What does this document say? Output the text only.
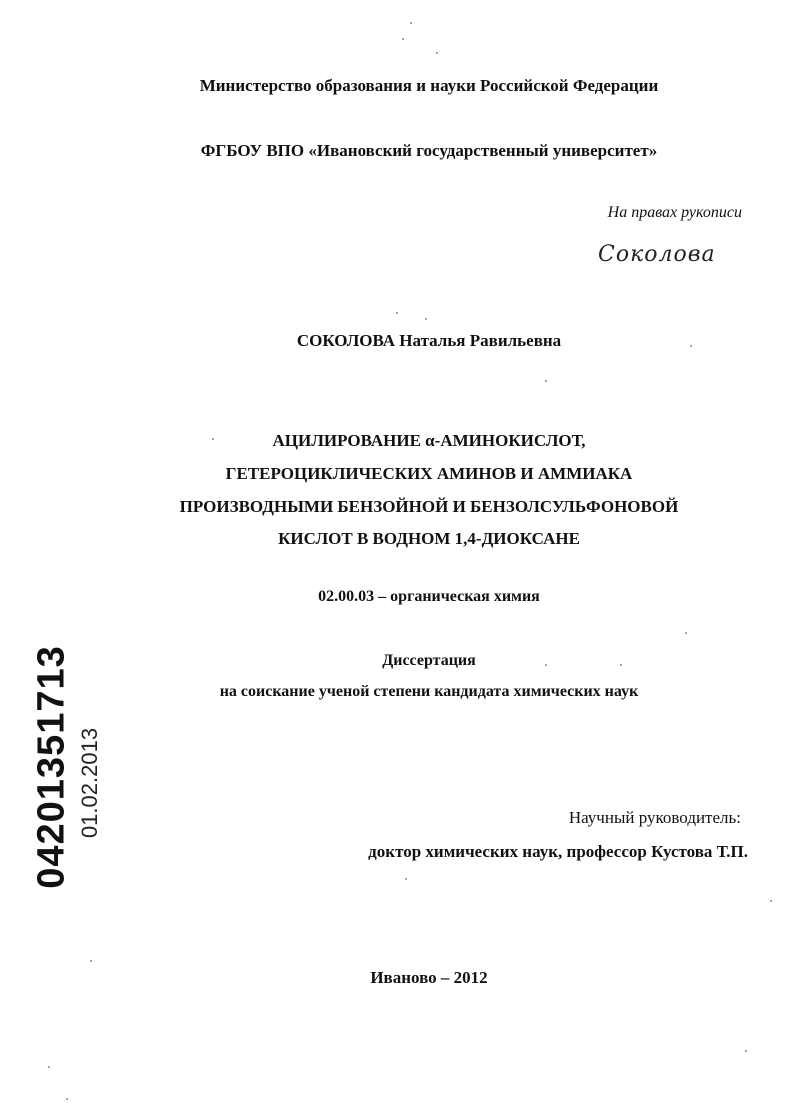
Министерство образования и науки Российской Федерации
ФГБОУ ВПО «Ивановский государственный университет»
На правах рукописи
Соколова
СОКОЛОВА Наталья Равильевна
АЦИЛИРОВАНИЕ α-АМИНОКИСЛОТ,
ГЕТЕРОЦИКЛИЧЕСКИХ АМИНОВ И АММИАКА
ПРОИЗВОДНЫМИ БЕНЗОЙНОЙ И БЕНЗОЛСУЛЬФОНОВОЙ
КИСЛОТ В ВОДНОМ 1,4-ДИОКСАНЕ
02.00.03 – органическая химия
Диссертация
на соискание ученой степени кандидата химических наук
Научный руководитель:
доктор химических наук, профессор Кустова Т.П.
Иваново – 2012
04201351713 01.02.2013
